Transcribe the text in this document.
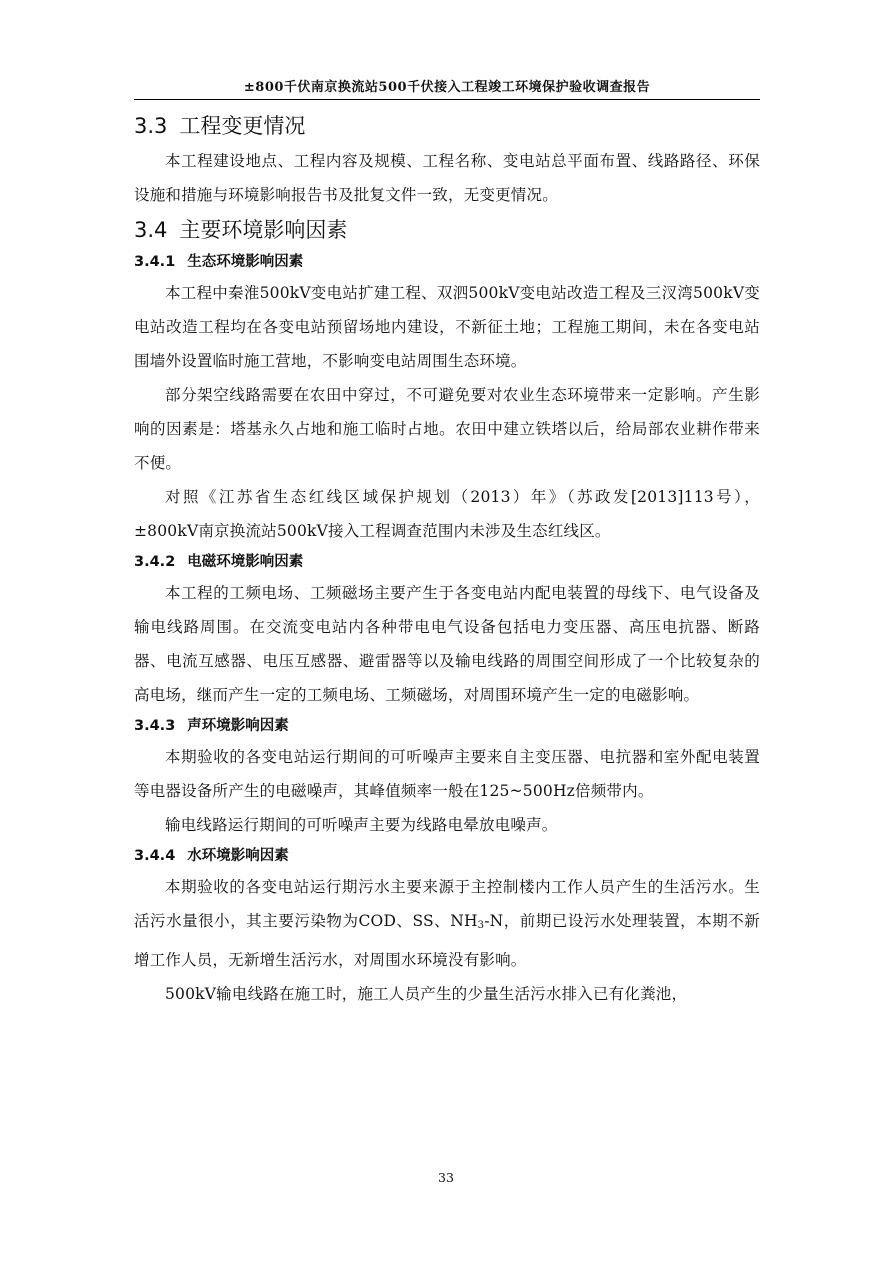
±800千伏南京换流站500千伏接入工程竣工环境保护验收调查报告
3.3 工程变更情况

本工程建设地点、工程内容及规模、工程名称、变电站总平面布置、线路路径、环保设施和措施与环境影响报告书及批复文件一致，无变更情况。

3.4 主要环境影响因素
3.4.1 生态环境影响因素

本工程中秦淮500kV变电站扩建工程、双泗500kV变电站改造工程及三汊湾500kV变电站改造工程均在各变电站预留场地内建设，不新征土地；工程施工期间，未在各变电站围墙外设置临时施工营地，不影响变电站周围生态环境。

部分架空线路需要在农田中穿过，不可避免要对农业生态环境带来一定影响。产生影响的因素是：塔基永久占地和施工临时占地。农田中建立铁塔以后，给局部农业耕作带来不便。

对照《江苏省生态红线区域保护规划（2013）年》（苏政发[2013]113号），±800kV南京换流站500kV接入工程调查范围内未涉及生态红线区。

3.4.2 电磁环境影响因素

本工程的工频电场、工频磁场主要产生于各变电站内配电装置的母线下、电气设备及输电线路周围。在交流变电站内各种带电电气设备包括电力变压器、高压电抗器、断路器、电流互感器、电压互感器、避雷器等以及输电线路的周围空间形成了一个比较复杂的高电场，继而产生一定的工频电场、工频磁场，对周围环境产生一定的电磁影响。

3.4.3 声环境影响因素

本期验收的各变电站运行期间的可听噪声主要来自主变压器、电抗器和室外配电装置等电器设备所产生的电磁噪声，其峰值频率一般在125~500Hz倍频带内。

输电线路运行期间的可听噪声主要为线路电晕放电噪声。

3.4.4 水环境影响因素

本期验收的各变电站运行期污水主要来源于主控制楼内工作人员产生的生活污水。生活污水量很小，其主要污染物为COD、SS、$NH_3-N$，前期已设污水处理装置，本期不新增工作人员，无新增生活污水，对周围水环境没有影响。

500kV输电线路在施工时，施工人员产生的少量生活污水排入已有化粪池，

33
